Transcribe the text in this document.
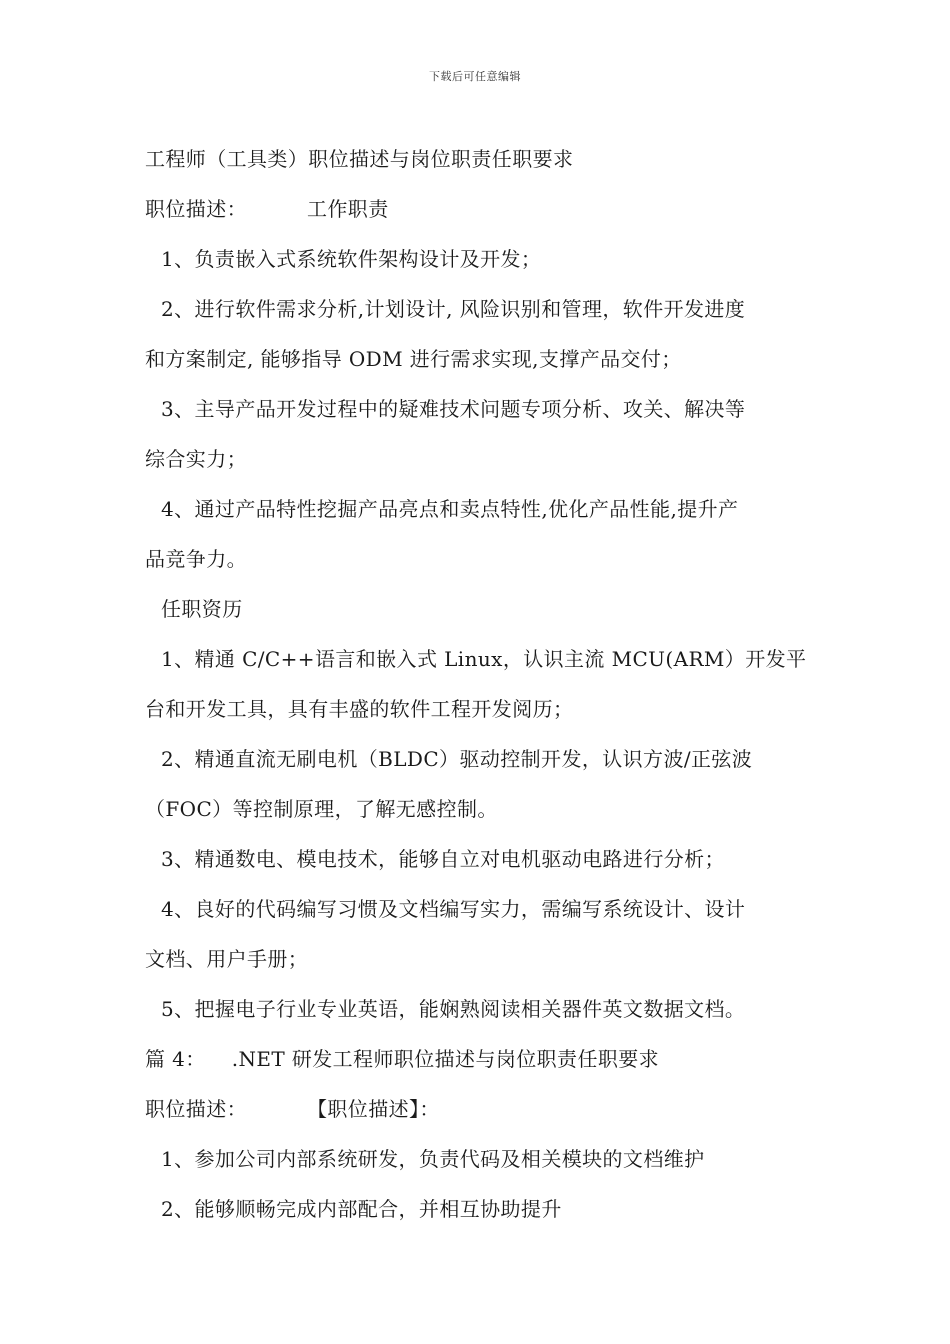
下载后可任意编辑
工程师（工具类）职位描述与岗位职责任职要求
职位描述：	工作职责
1、负责嵌入式系统软件架构设计及开发；
2、进行软件需求分析,计划设计, 风险识别和管理，软件开发进度
和方案制定, 能够指导 ODM 进行需求实现,支撑产品交付；
3、主导产品开发过程中的疑难技术问题专项分析、攻关、解决等
综合实力；
4、通过产品特性挖掘产品亮点和卖点特性,优化产品性能,提升产
品竞争力。
任职资历
1、精通 C/C++语言和嵌入式 Linux，认识主流 MCU(ARM）开发平
台和开发工具，具有丰盛的软件工程开发阅历；
2、精通直流无刷电机（BLDC）驱动控制开发，认识方波/正弦波
（FOC）等控制原理，了解无感控制。
3、精通数电、模电技术，能够自立对电机驱动电路进行分析；
4、良好的代码编写习惯及文档编写实力，需编写系统设计、设计
文档、用户手册；
5、把握电子行业专业英语，能娴熟阅读相关器件英文数据文档。
篇 4： .NET 研发工程师职位描述与岗位职责任职要求
职位描述：	【职位描述】：
1、参加公司内部系统研发，负责代码及相关模块的文档维护
2、能够顺畅完成内部配合，并相互协助提升
